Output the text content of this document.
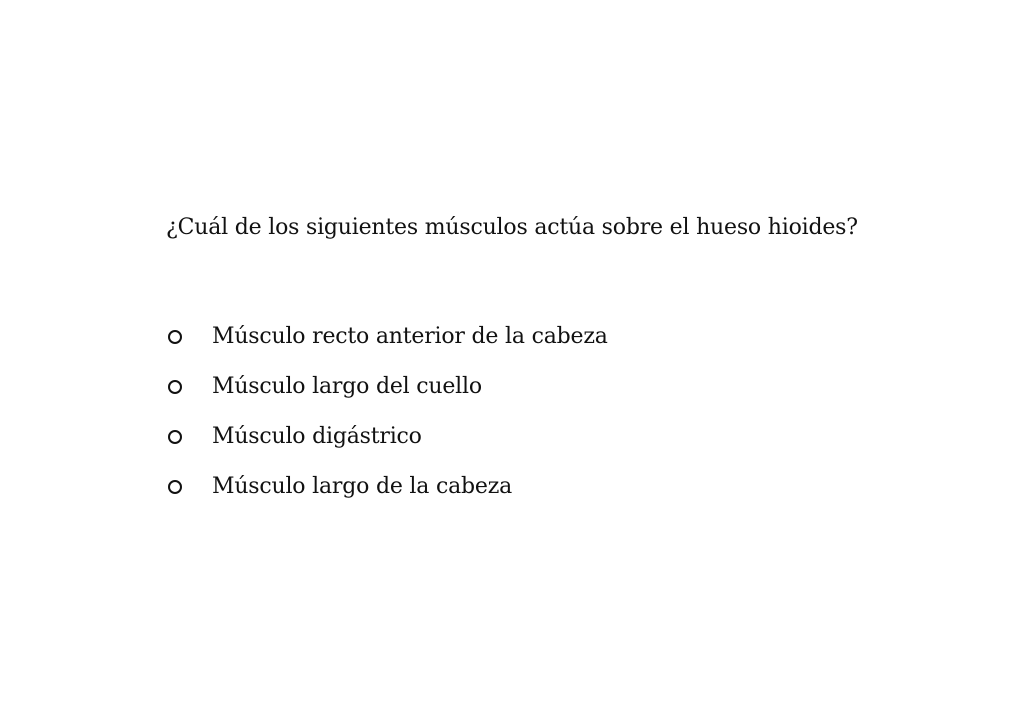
¿Cuál de los siguientes músculos actúa sobre el hueso hioides?

Músculo recto anterior de la cabeza
Músculo largo del cuello
Músculo digástrico
Músculo largo de la cabeza
